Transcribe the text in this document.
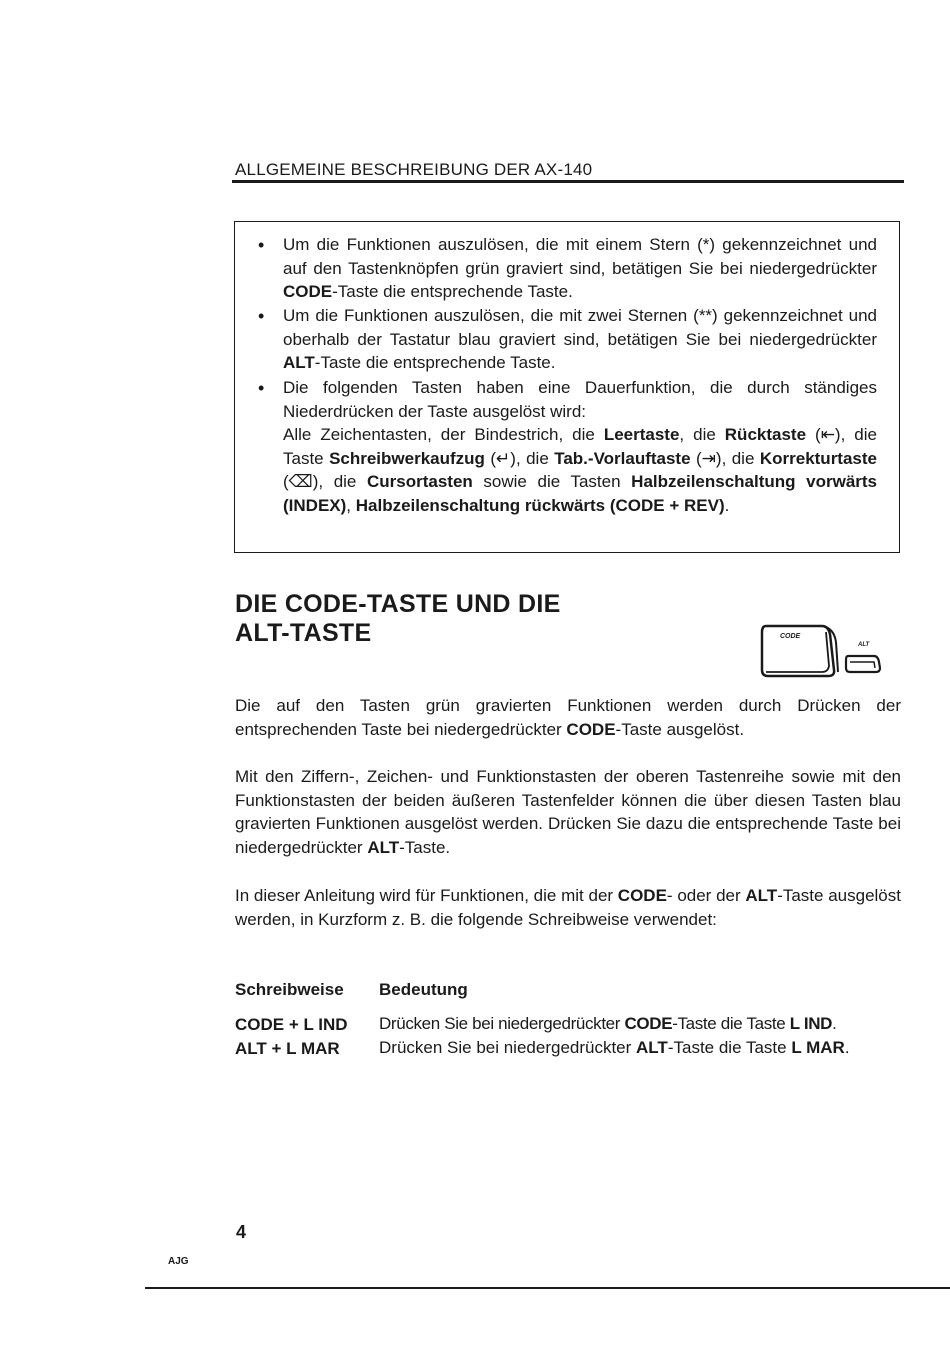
ALLGEMEINE BESCHREIBUNG DER AX-140
• Um die Funktionen auszulösen, die mit einem Stern (*) gekennzeichnet und auf den Tastenknöpfen grün graviert sind, betätigen Sie bei niedergedrückter CODE-Taste die entsprechende Taste.
• Um die Funktionen auszulösen, die mit zwei Sternen (**) gekennzeichnet und oberhalb der Tastatur blau graviert sind, betätigen Sie bei niedergedrückter ALT-Taste die entsprechende Taste.
• Die folgenden Tasten haben eine Dauerfunktion, die durch ständiges Niederdrücken der Taste ausgelöst wird:
Alle Zeichentasten, der Bindestrich, die Leertaste, die Rücktaste (⇤), die Taste Schreibwerkaufzug (↵), die Tab.-Vorlauftaste (⇥), die Korrekturtaste (⌫), die Cursortasten sowie die Tasten Halbzeilenschaltung vorwärts (INDEX), Halbzeilenschaltung rückwärts (CODE + REV).
DIE CODE-TASTE UND DIE
ALT-TASTE	CODE
ALT

Die auf den Tasten grün gravierten Funktionen werden durch Drücken der entsprechenden Taste bei niedergedrückter CODE-Taste ausgelöst.

Mit den Ziffern-, Zeichen- und Funktionstasten der oberen Tastenreihe sowie mit den Funktionstasten der beiden äußeren Tastenfelder können die über diesen Tasten blau gravierten Funktionen ausgelöst werden. Drücken Sie dazu die entsprechende Taste bei niedergedrückter ALT-Taste.

In dieser Anleitung wird für Funktionen, die mit der CODE- oder der ALT-Taste ausgelöst werden, in Kurzform z. B. die folgende Schreibweise verwendet:

Schreibweise Bedeutung
CODE + L IND Drücken Sie bei niedergedrückter CODE-Taste die Taste L IND.
ALT + L MAR Drücken Sie bei niedergedrückter ALT-Taste die Taste L MAR.
4
AJG
